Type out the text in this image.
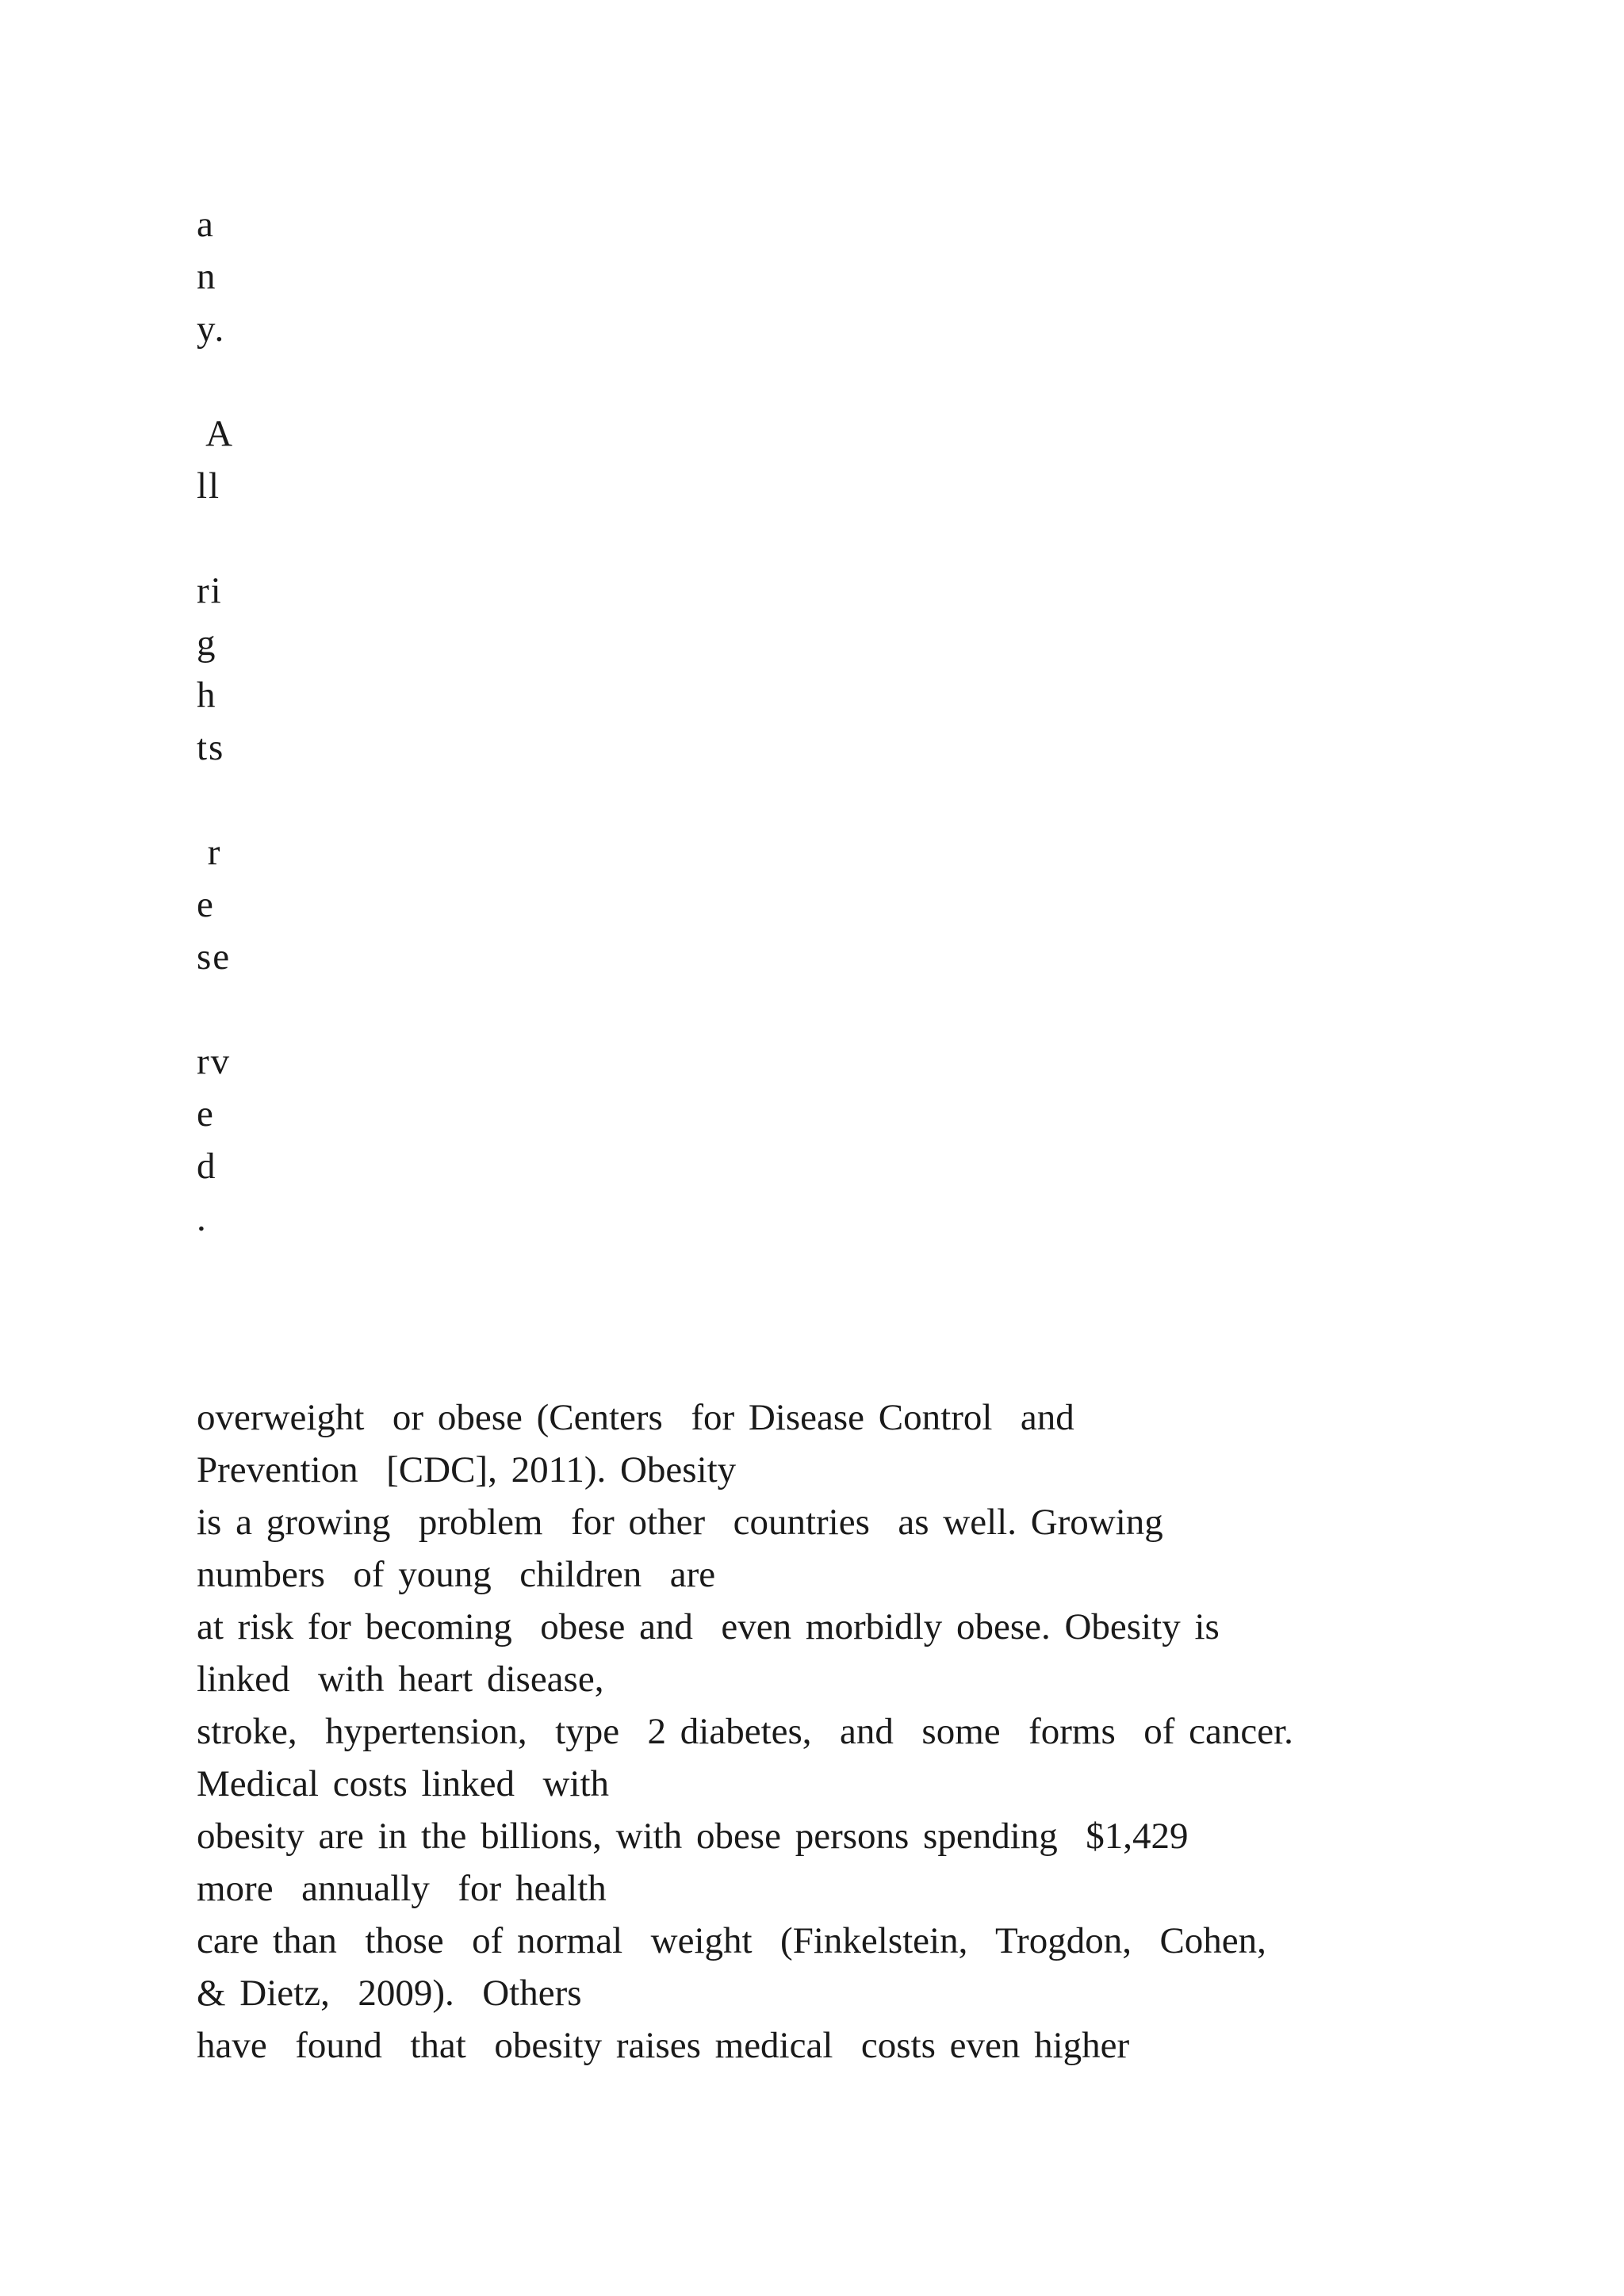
a
n
y.
A
ll
ri
g
h
ts
r
e
se
rv
e
d
.
overweight  or obese (Centers  for Disease Control  and
Prevention  [CDC], 2011). Obesity
is a growing  problem  for other  countries  as well. Growing
numbers  of young  children  are
at risk for becoming  obese and  even morbidly obese. Obesity is
linked  with heart disease,
stroke,  hypertension,  type  2 diabetes,  and  some  forms  of cancer.
Medical costs linked  with
obesity are in the billions, with obese persons spending  $1,429
more  annually  for health
care than  those  of normal  weight  (Finkelstein,  Trogdon,  Cohen,
& Dietz,  2009).  Others
have  found  that  obesity raises medical  costs even higher
